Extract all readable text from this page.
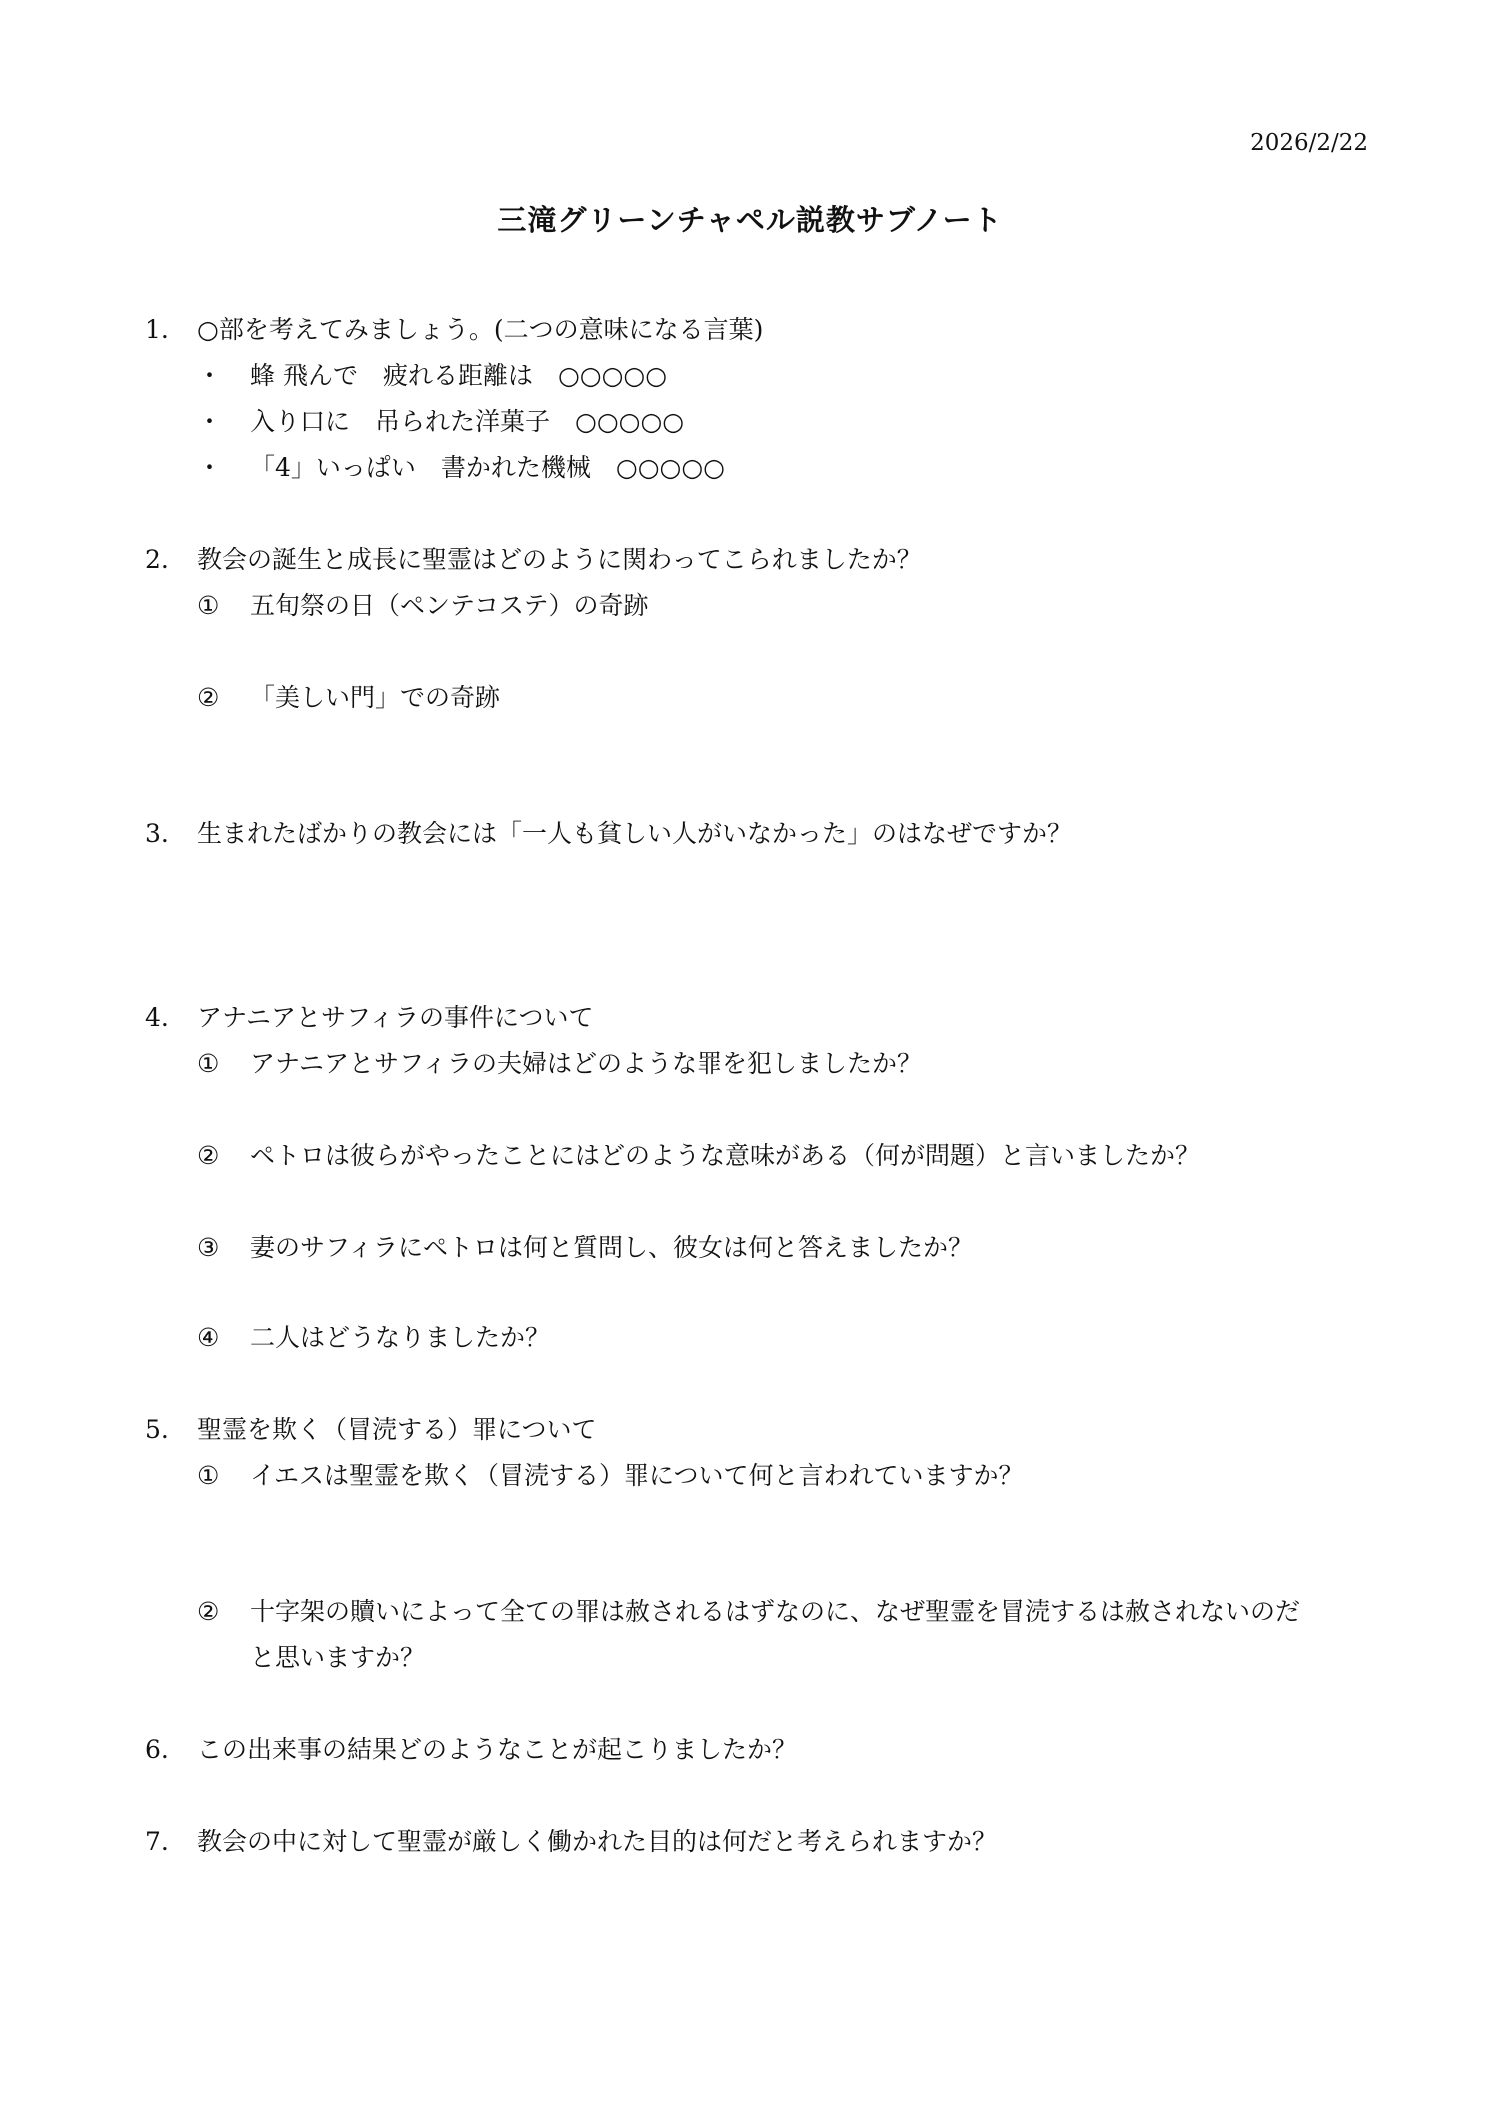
2026/2/22
三滝グリーンチャペル説教サブノート
1. ○部を考えてみましょう。(二つの意味になる言葉)
・ 蜂 飛んで　疲れる距離は　○○○○○
・ 入り口に　吊られた洋菓子　○○○○○
・ 「4」いっぱい　書かれた機械　○○○○○
2. 教会の誕生と成長に聖霊はどのように関わってこられましたか？
① 五旬祭の日（ペンテコステ）の奇跡
② 「美しい門」での奇跡
3. 生まれたばかりの教会には「一人も貧しい人がいなかった」のはなぜですか？
4. アナニアとサフィラの事件について
① アナニアとサフィラの夫婦はどのような罪を犯しましたか？
② ペトロは彼らがやったことにはどのような意味がある（何が問題）と言いましたか？
③ 妻のサフィラにペトロは何と質問し、彼女は何と答えましたか？
④ 二人はどうなりましたか？
5. 聖霊を欺く（冒涜する）罪について
① イエスは聖霊を欺く（冒涜する）罪について何と言われていますか？
② 十字架の贖いによって全ての罪は赦されるはずなのに、なぜ聖霊を冒涜するは赦されないのだ
と思いますか？
6. この出来事の結果どのようなことが起こりましたか？
7. 教会の中に対して聖霊が厳しく働かれた目的は何だと考えられますか？
